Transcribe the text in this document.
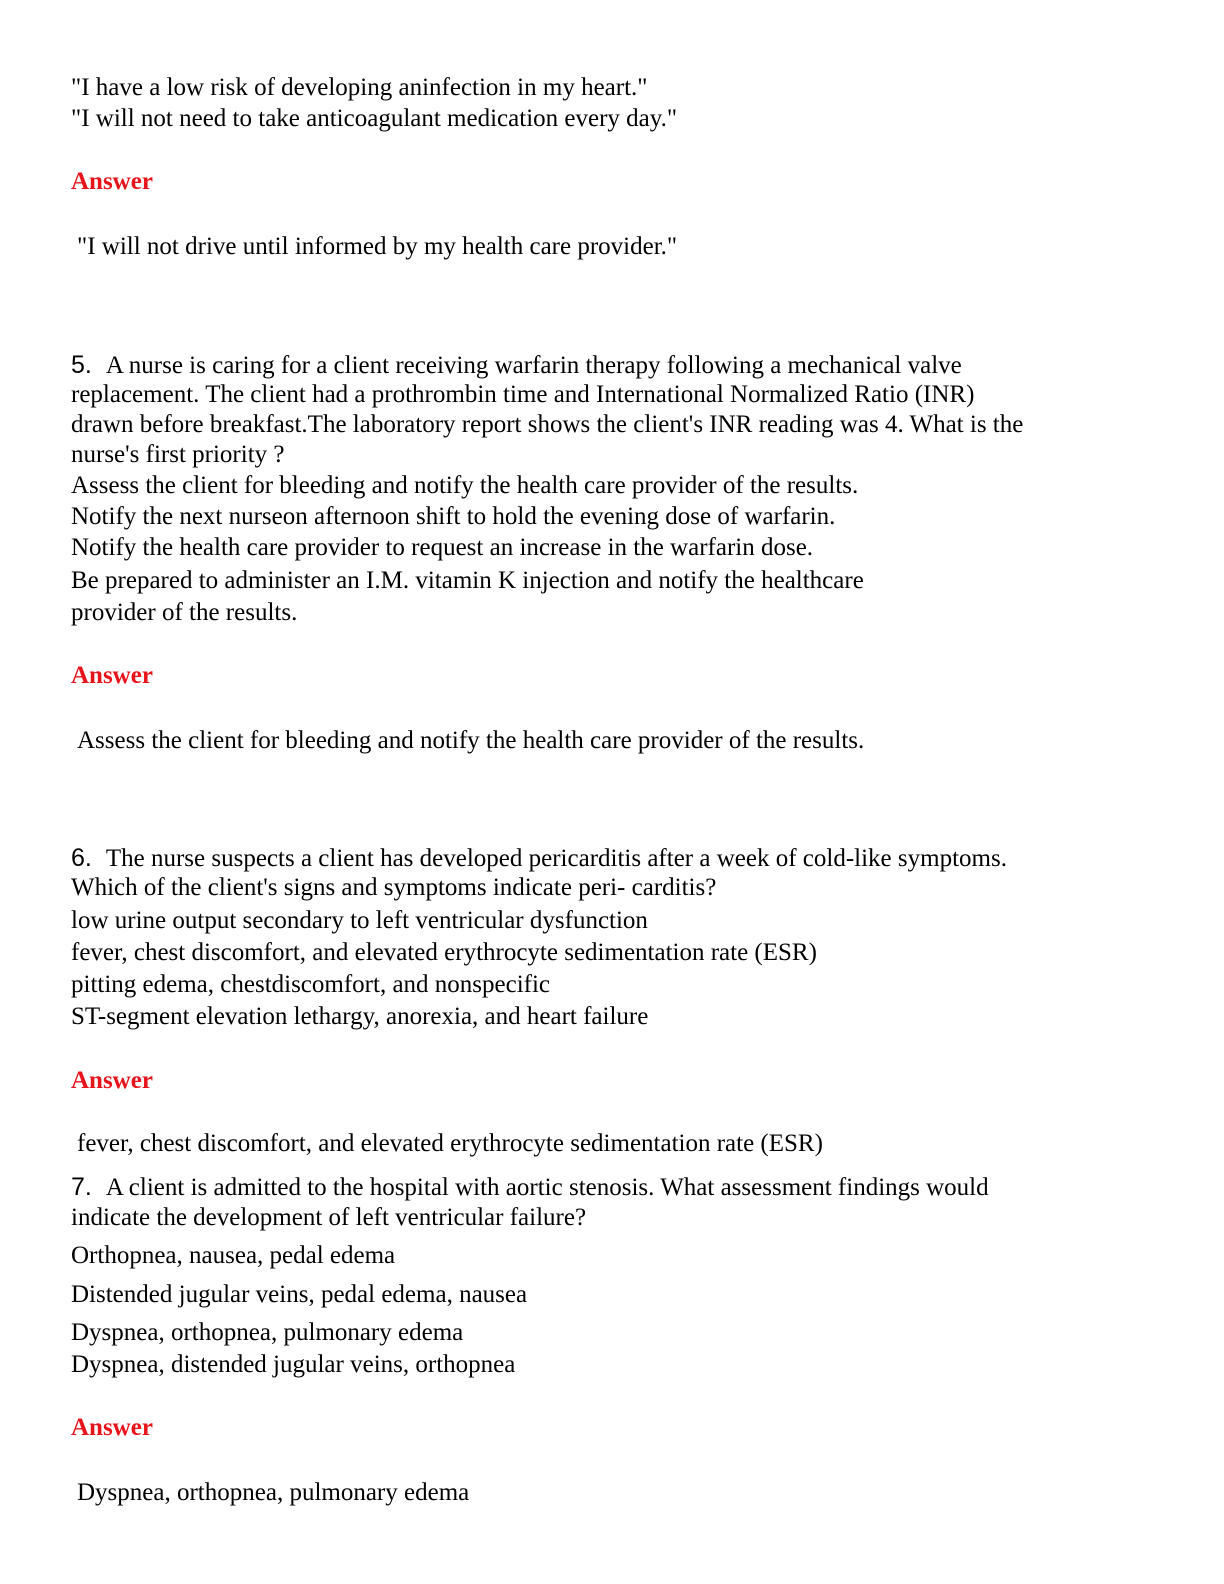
"I have a low risk of developing aninfection in my heart."
"I will not need to take anticoagulant medication every day."
Answer
"I will not drive until informed by my health care provider."
5. A nurse is caring for a client receiving warfarin therapy following a mechanical valve
replacement. The client had a prothrombin time and International Normalized Ratio (INR)
drawn before breakfast.The laboratory report shows the client's INR reading was 4. What is the
nurse's first priority ?
Assess the client for bleeding and notify the health care provider of the results.
Notify the next nurseon afternoon shift to hold the evening dose of warfarin.
Notify the health care provider to request an increase in the warfarin dose.
Be prepared to administer an I.M. vitamin K injection and notify the healthcare
provider of the results.
Answer
Assess the client for bleeding and notify the health care provider of the results.
6. The nurse suspects a client has developed pericarditis after a week of cold-like symptoms.
Which of the client's signs and symptoms indicate peri- carditis?
low urine output secondary to left ventricular dysfunction
fever, chest discomfort, and elevated erythrocyte sedimentation rate (ESR)
pitting edema, chestdiscomfort, and nonspecific
ST-segment elevation lethargy, anorexia, and heart failure
Answer
fever, chest discomfort, and elevated erythrocyte sedimentation rate (ESR)
7. A client is admitted to the hospital with aortic stenosis. What assessment findings would
indicate the development of left ventricular failure?
Orthopnea, nausea, pedal edema
Distended jugular veins, pedal edema, nausea
Dyspnea, orthopnea, pulmonary edema
Dyspnea, distended jugular veins, orthopnea
Answer
Dyspnea, orthopnea, pulmonary edema
